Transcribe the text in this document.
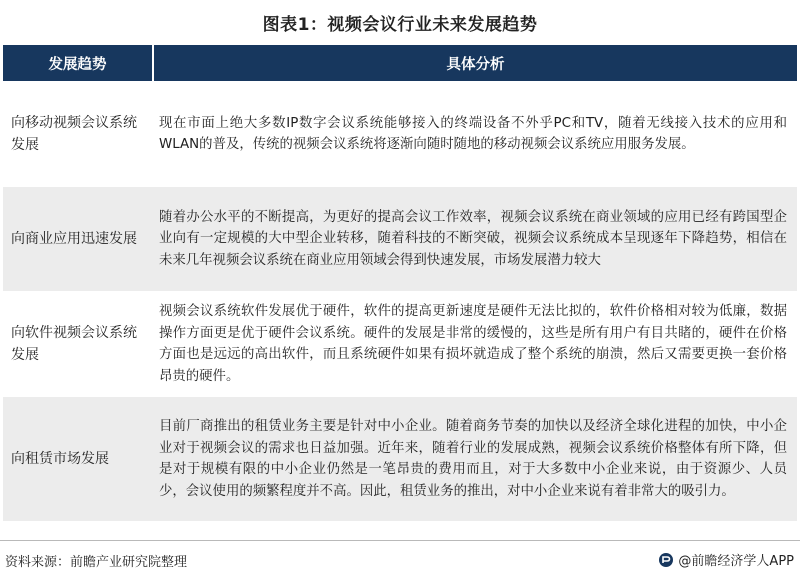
图表1：视频会议行业未来发展趋势
发展趋势	具体分析
向移动视频会议系统发展	现在市面上绝大多数IP数字会议系统能够接入的终端设备不外乎PC和TV，随着无线接入技术的应用和WLAN的普及，传统的视频会议系统将逐渐向随时随地的移动视频会议系统应用服务发展。
向商业应用迅速发展	随着办公水平的不断提高，为更好的提高会议工作效率，视频会议系统在商业领域的应用已经有跨国型企业向有一定规模的大中型企业转移，随着科技的不断突破，视频会议系统成本呈现逐年下降趋势，相信在未来几年视频会议系统在商业应用领域会得到快速发展，市场发展潜力较大
向软件视频会议系统发展	视频会议系统软件发展优于硬件，软件的提高更新速度是硬件无法比拟的，软件价格相对较为低廉，数据操作方面更是优于硬件会议系统。硬件的发展是非常的缓慢的，这些是所有用户有目共睹的，硬件在价格方面也是远远的高出软件，而且系统硬件如果有损坏就造成了整个系统的崩溃，然后又需要更换一套价格昂贵的硬件。
向租赁市场发展	目前厂商推出的租赁业务主要是针对中小企业。随着商务节奏的加快以及经济全球化进程的加快，中小企业对于视频会议的需求也日益加强。近年来，随着行业的发展成熟，视频会议系统价格整体有所下降，但是对于规模有限的中小企业仍然是一笔昂贵的费用而且，对于大多数中小企业来说，由于资源少、人员少，会议使用的频繁程度并不高。因此，租赁业务的推出，对中小企业来说有着非常大的吸引力。
资料来源：前瞻产业研究院整理	@前瞻经济学人APP
